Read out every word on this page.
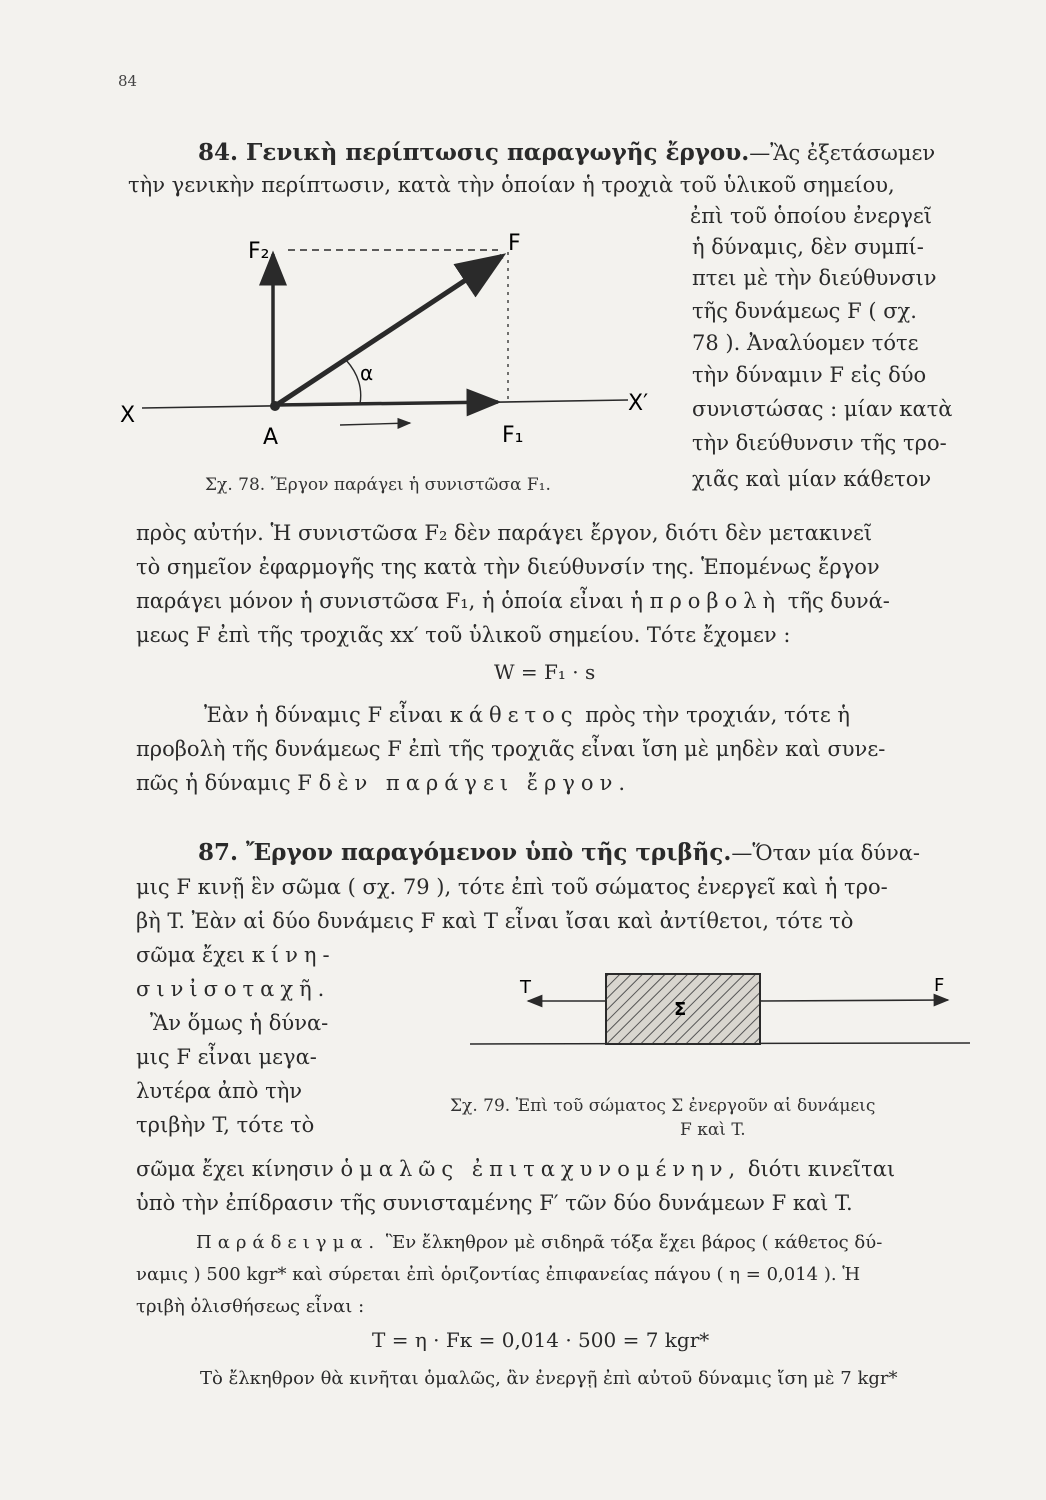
84
84. Γενικὴ περίπτωσις παραγωγῆς ἔργου.—Ἂς ἐξετάσωμεν
τὴν γενικὴν περίπτωσιν, κατὰ τὴν ὁποίαν ἡ τροχιὰ τοῦ ὑλικοῦ σημείου,
ἐπὶ τοῦ ὁποίου ἐνεργεῖ
ἡ δύναμις, δὲν συμπί-
πτει μὲ τὴν διεύθυνσιν
τῆς δυνάμεως F ( σχ.
78 ). Ἀναλύομεν τότε
τὴν δύναμιν F εἰς δύο
συνιστώσας : μίαν κατὰ
τὴν διεύθυνσιν τῆς τρο-
χιᾶς καὶ μίαν κάθετον
F₂	F
F₁
A
X	X′
α
Σχ. 78. Ἔργον παράγει ἡ συνιστῶσα F₁.
πρὸς αὐτήν. Ἡ συνιστῶσα F₂ δὲν παράγει ἔργον, διότι δὲν μετακινεῖ
τὸ σημεῖον ἐφαρμογῆς της κατὰ τὴν διεύθυνσίν της. Ἑπομένως ἔργον
παράγει μόνον ἡ συνιστῶσα F₁, ἡ ὁποία εἶναι ἡ προβολὴ τῆς δυνά-
μεως F ἐπὶ τῆς τροχιᾶς xx′ τοῦ ὑλικοῦ σημείου. Τότε ἔχομεν :
W = F₁ · s
Ἐὰν ἡ δύναμις F εἶναι κάθετος πρὸς τὴν τροχιάν, τότε ἡ
προβολὴ τῆς δυνάμεως F ἐπὶ τῆς τροχιᾶς εἶναι ἴση μὲ μηδὲν καὶ συνε-
πῶς ἡ δύναμις F δὲν παράγει ἔργον.
87. Ἔργον παραγόμενον ὑπὸ τῆς τριβῆς.—Ὅταν μία δύνα-
μις F κινῇ ἓν σῶμα ( σχ. 79 ), τότε ἐπὶ τοῦ σώματος ἐνεργεῖ καὶ ἡ τρο-
βὴ T. Ἐὰν αἱ δύο δυνάμεις F καὶ T εἶναι ἴσαι καὶ ἀντίθετοι, τότε τὸ
σῶμα ἔχει κίνη-
σινἰσοταχῆ.
Ἂν ὅμως ἡ δύνα-
μις F εἶναι μεγα-
λυτέρα ἀπὸ τὴν
τριβὴν T, τότε τὸ
T	F
Σ
Σχ. 79. Ἐπὶ τοῦ σώματος Σ ἐνεργοῦν αἱ δυνάμεις
F καὶ T.
σῶμα ἔχει κίνησιν ὁμαλῶς ἐπιταχυνομένην, διότι κινεῖται
ὑπὸ τὴν ἐπίδρασιν τῆς συνισταμένης F′ τῶν δύο δυνάμεων F καὶ T.
Παράδειγμα. Ἓν ἔλκηθρον μὲ σιδηρᾶ τόξα ἔχει βάρος ( κάθετος δύ-
ναμις ) 500 kgr* καὶ σύρεται ἐπὶ ὁριζοντίας ἐπιφανείας πάγου ( η = 0,014 ). Ἡ
τριβὴ ὀλισθήσεως εἶναι :
T = η · Fκ = 0,014 · 500 = 7 kgr*
Τὸ ἔλκηθρον θὰ κινῆται ὁμαλῶς, ἂν ἐνεργῇ ἐπὶ αὐτοῦ δύναμις ἴση μὲ 7 kgr*
